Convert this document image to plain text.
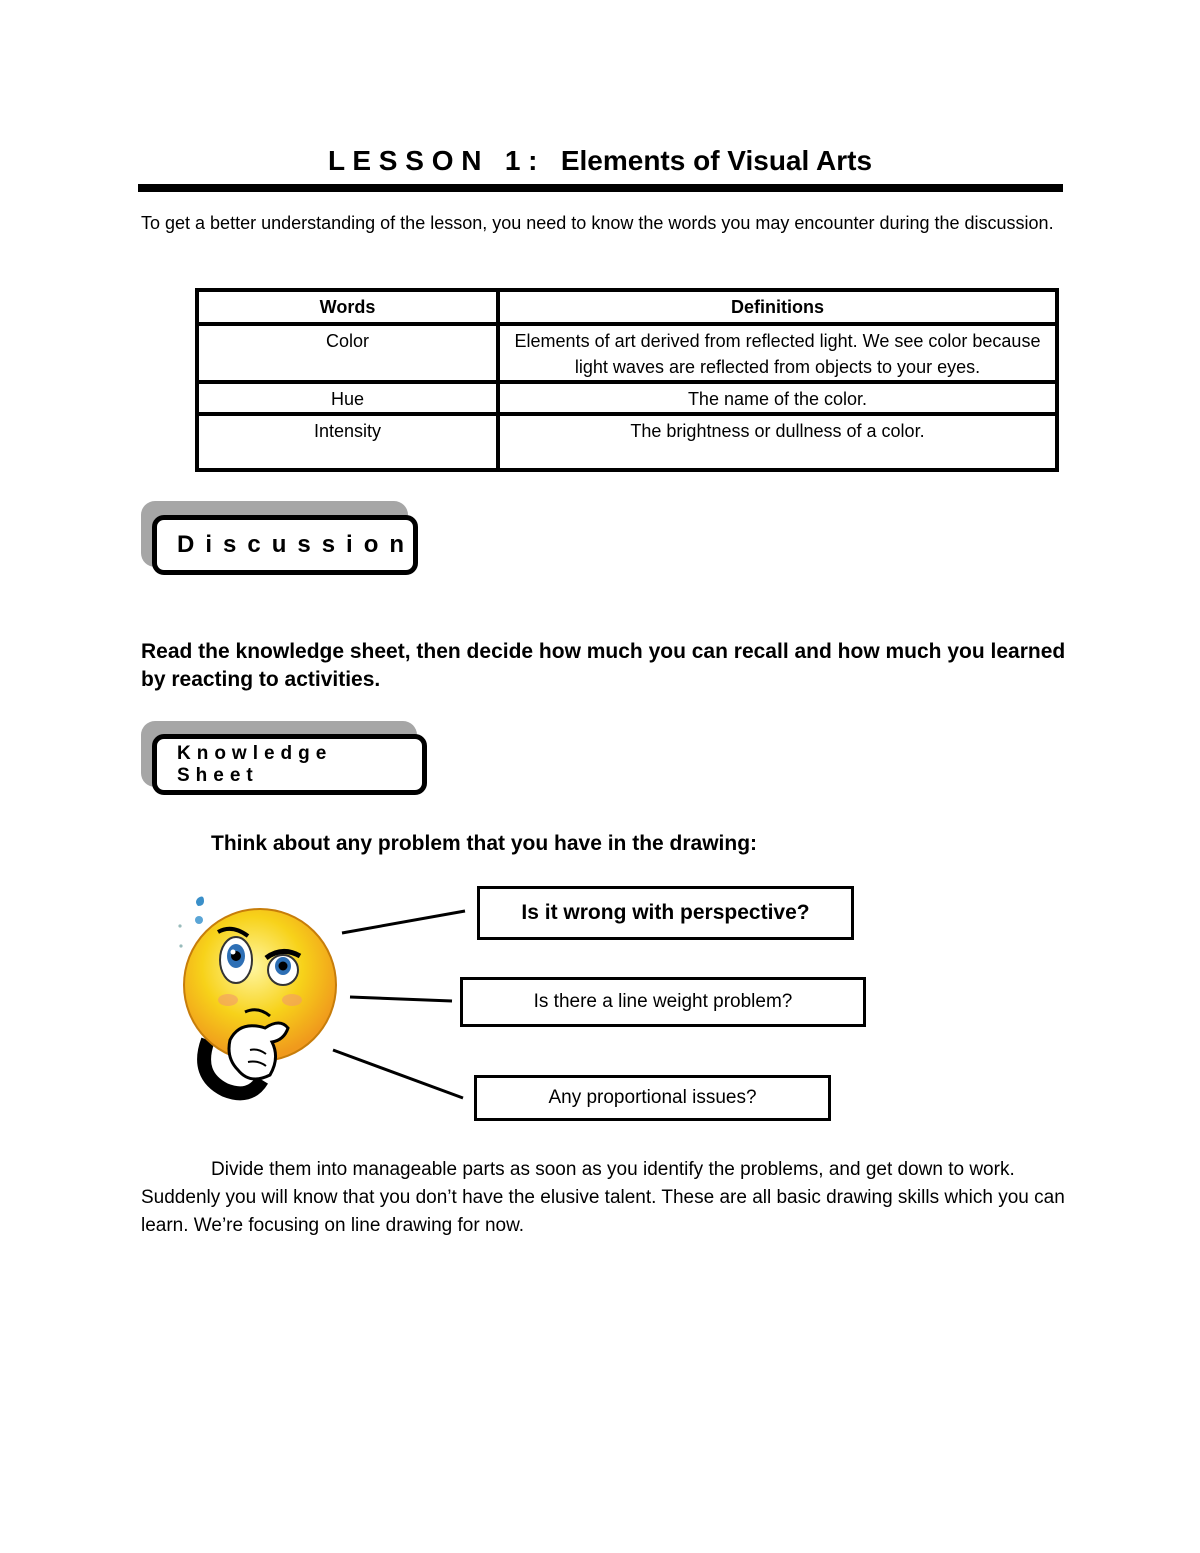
L E S S O N   1 :   Elements of Visual Arts
To get a better understanding of the lesson, you need to know the words you may encounter during the discussion.
Words	Definitions
Color	Elements of art derived from reflected light. We see color because light waves are reflected from objects to your eyes.
Hue	The name of the color.
Intensity	The brightness or dullness of a color.
Discussion
Read the knowledge sheet, then decide how much you can recall and how much you learned by reacting to activities.
Knowledge Sheet
Think about any problem that you have in the drawing:
Is it wrong with perspective?
Is there a line weight problem?
Any proportional issues?
Divide them into manageable parts as soon as you identify the problems, and get down to work. Suddenly you will know that you don’t have the elusive talent. These are all basic drawing skills which you can learn. We’re focusing on line drawing for now.
